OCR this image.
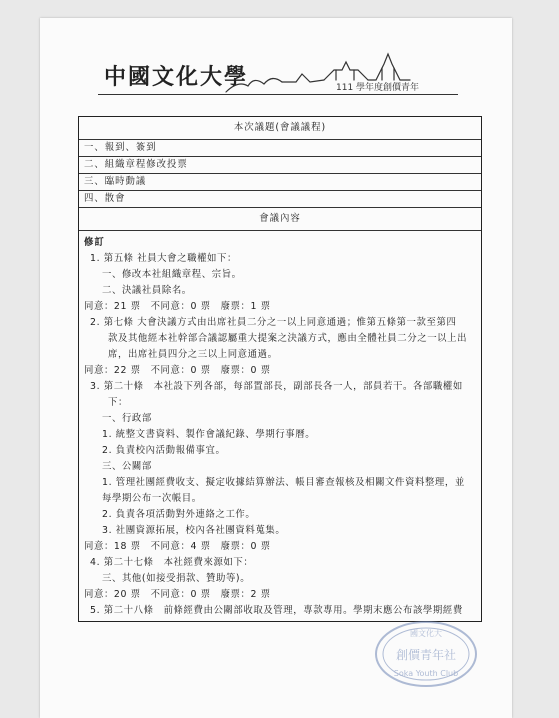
中國文化大學	111 學年度創價青年
本次議題(會議議程)
一、報到、簽到
二、組織章程修改投票
三、臨時動議
四、散會
會議內容
修訂
1. 第五條 社員大會之職權如下：
一、修改本社組織章程、宗旨。
二、決議社員除名。
同意：21 票　不同意：0 票　廢票：1 票
2. 第七條 大會決議方式由出席社員二分之一以上同意通過；惟第五條第一款至第四
款及其他經本社幹部合議認屬重大提案之決議方式，應由全體社員二分之一以上出
席，出席社員四分之三以上同意通過。
同意：22 票　不同意：0 票　廢票：0 票
3. 第二十條　本社設下列各部，每部置部長，副部長各一人，部員若干。各部職權如
下：
一、行政部
1. 統整文書資料、製作會議紀錄、學期行事曆。
2. 負責校內活動報備事宜。
三、公關部
1. 管理社團經費收支、擬定收據結算辦法、帳目審查報核及相關文件資料整理，並
每學期公布一次帳目。
2. 負責各項活動對外連絡之工作。
3. 社團資源拓展，校內各社團資料蒐集。
同意：18 票　不同意：4 票　廢票：0 票
4. 第二十七條　本社經費來源如下：
三、其他(如接受捐款、贊助等)。
同意：20 票　不同意：0 票　廢票：2 票
5. 第二十八條　前條經費由公關部收取及管理，專款專用。學期末應公布該學期經費
國文化大
創價青年社
Soka Youth Club
